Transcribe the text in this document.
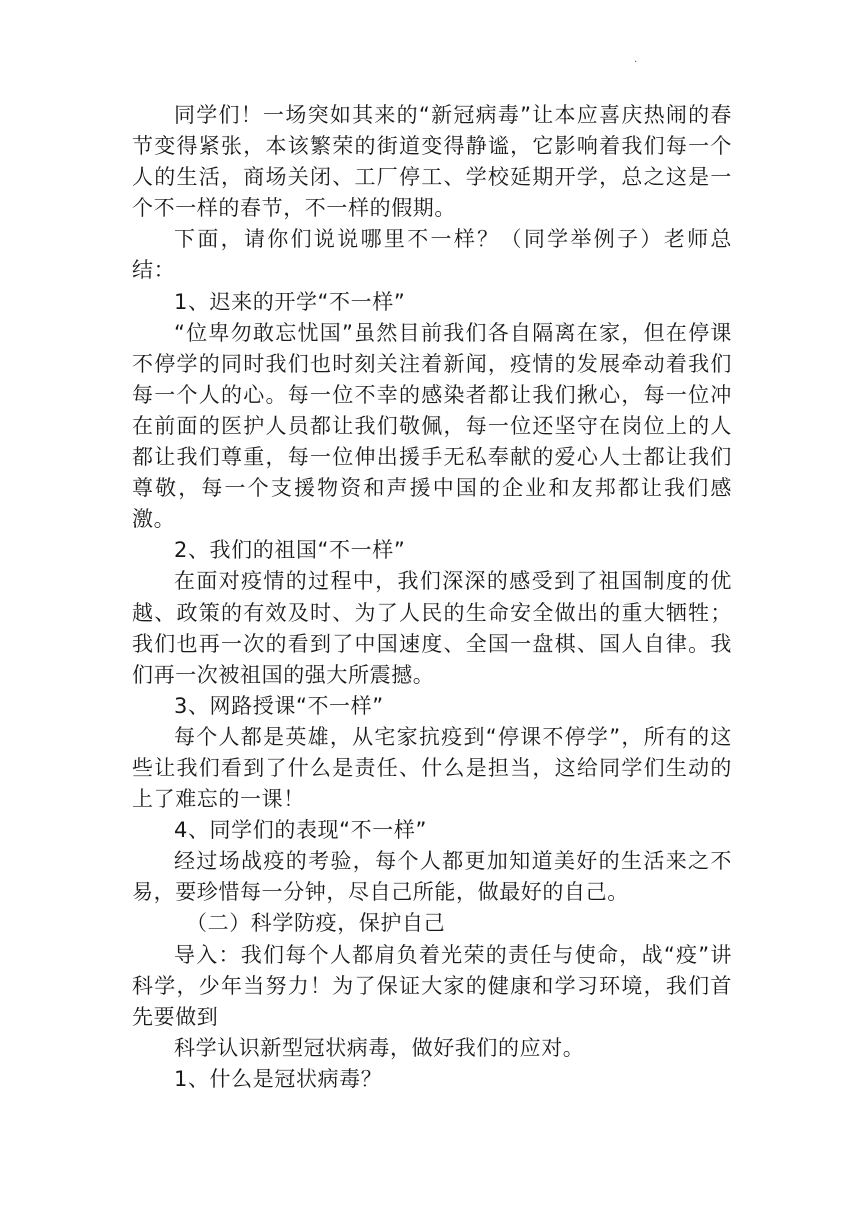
·

同学们！一场突如其来的“新冠病毒”让本应喜庆热闹的春节变得紧张，本该繁荣的街道变得静谧，它影响着我们每一个人的生活，商场关闭、工厂停工、学校延期开学，总之这是一个不一样的春节，不一样的假期。

下面，请你们说说哪里不一样？（同学举例子）老师总结：

1、迟来的开学“不一样”

“位卑勿敢忘忧国”虽然目前我们各自隔离在家，但在停课不停学的同时我们也时刻关注着新闻，疫情的发展牵动着我们每一个人的心。每一位不幸的感染者都让我们揪心，每一位冲在前面的医护人员都让我们敬佩，每一位还坚守在岗位上的人都让我们尊重，每一位伸出援手无私奉献的爱心人士都让我们尊敬，每一个支援物资和声援中国的企业和友邦都让我们感激。

2、我们的祖国“不一样”

在面对疫情的过程中，我们深深的感受到了祖国制度的优越、政策的有效及时、为了人民的生命安全做出的重大牺牲；我们也再一次的看到了中国速度、全国一盘棋、国人自律。我们再一次被祖国的强大所震撼。

3、网路授课“不一样”

每个人都是英雄，从宅家抗疫到“停课不停学”，所有的这些让我们看到了什么是责任、什么是担当，这给同学们生动的上了难忘的一课！

4、同学们的表现“不一样”

经过场战疫的考验，每个人都更加知道美好的生活来之不易，要珍惜每一分钟，尽自己所能，做最好的自己。

（二）科学防疫，保护自己

导入：我们每个人都肩负着光荣的责任与使命，战“疫”讲科学，少年当努力！为了保证大家的健康和学习环境，我们首先要做到

科学认识新型冠状病毒，做好我们的应对。

1、什么是冠状病毒？
